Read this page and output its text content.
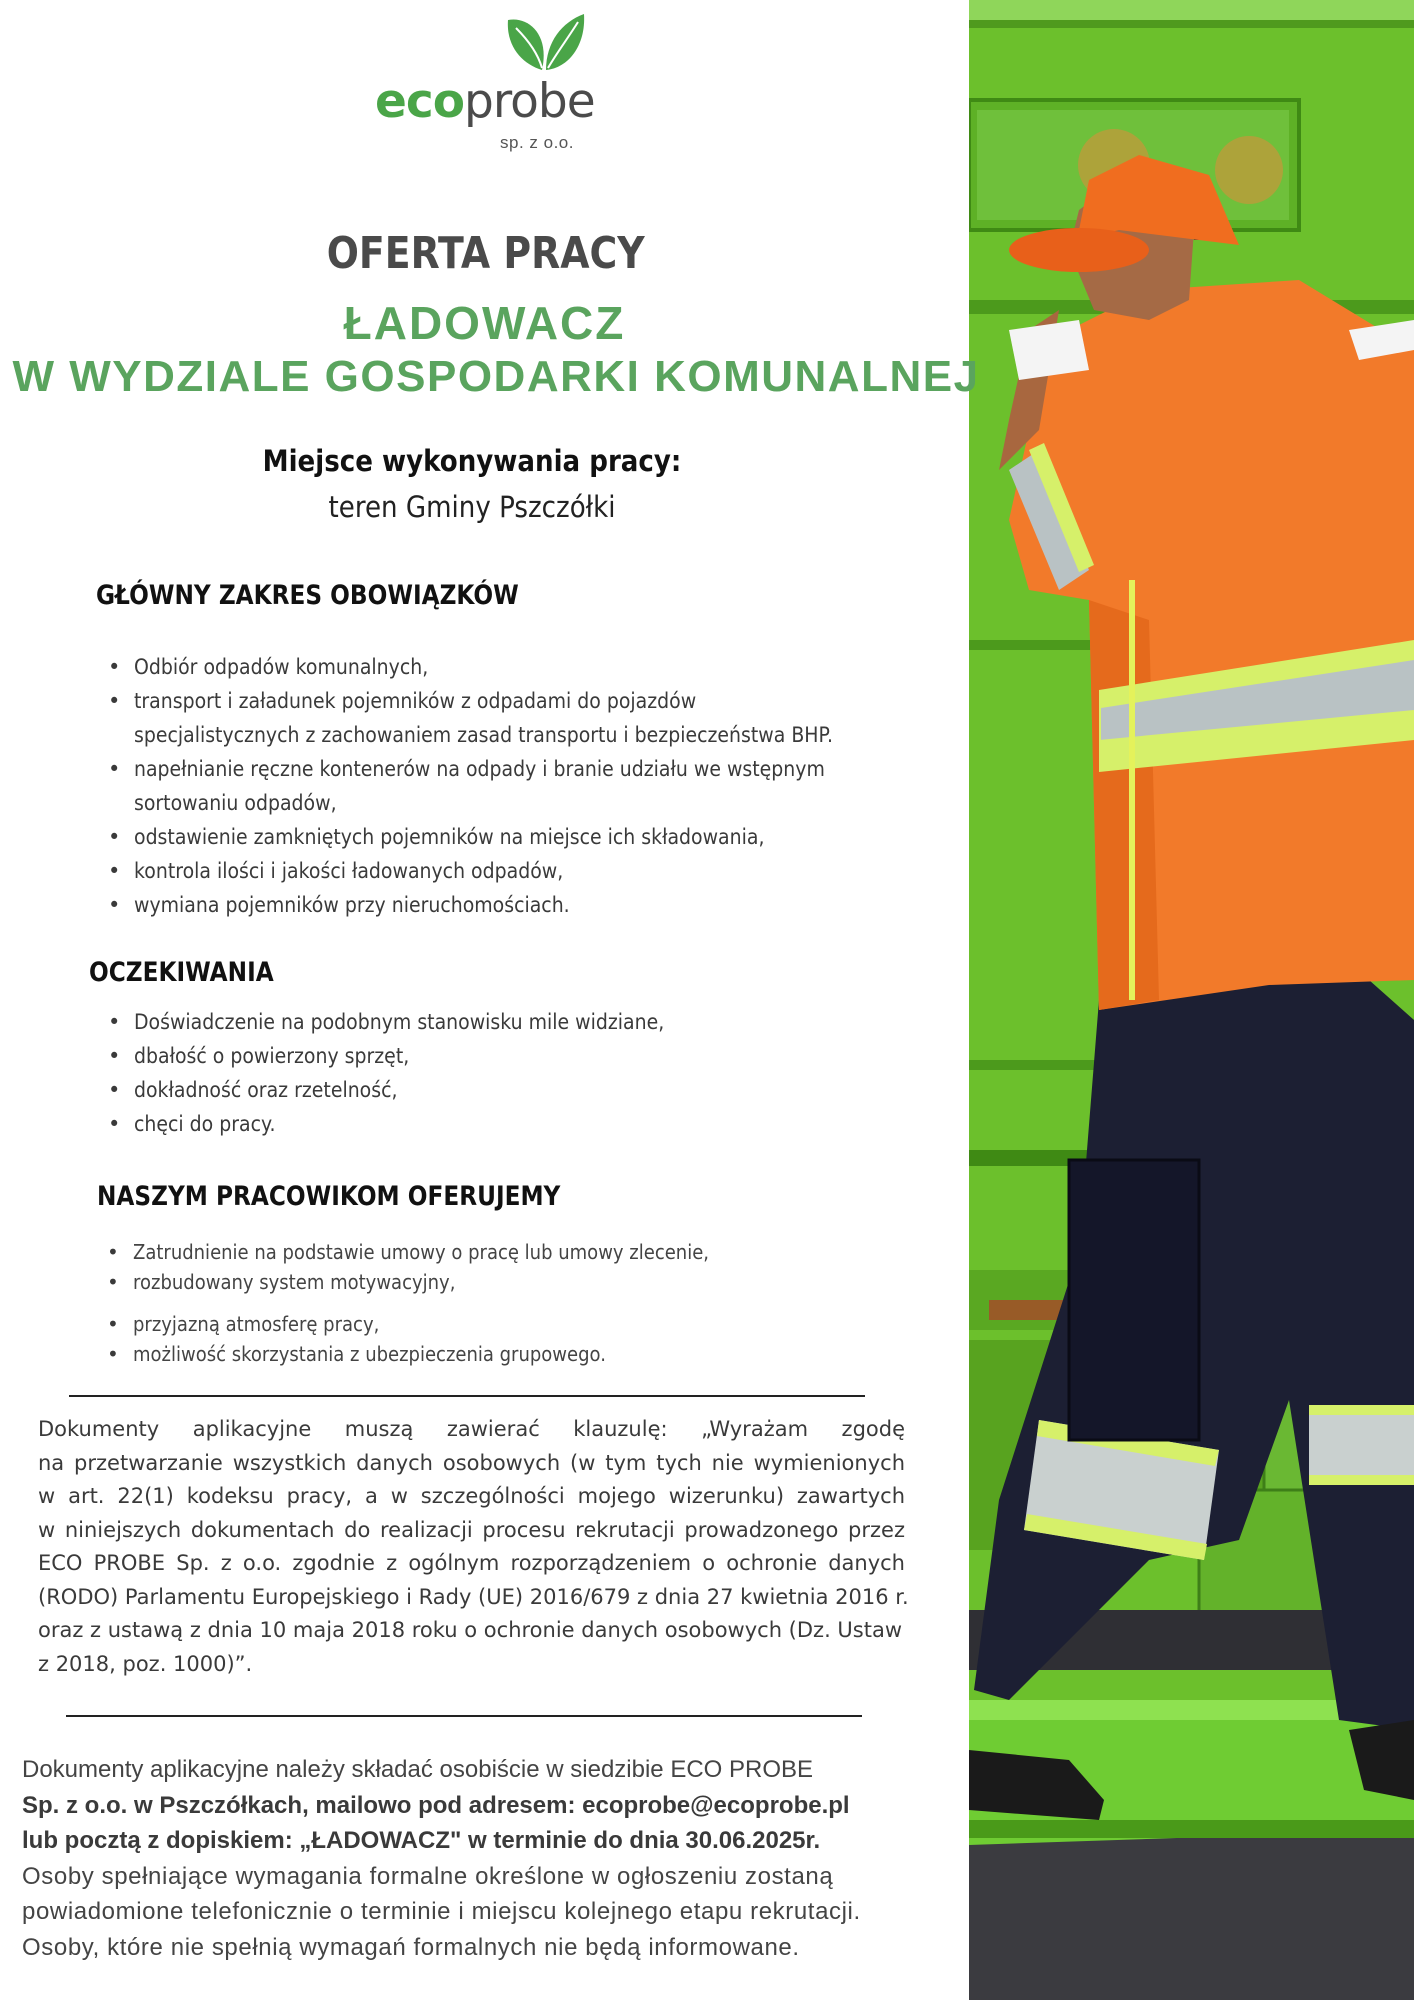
ecoprobe
sp. z o.o.
OFERTA PRACY
ŁADOWACZ
W WYDZIALE GOSPODARKI KOMUNALNEJ
Miejsce wykonywania pracy:
teren Gminy Pszczółki
GŁÓWNY ZAKRES OBOWIĄZKÓW
• Odbiór odpadów komunalnych,
• transport i załadunek pojemników z odpadami do pojazdów
specjalistycznych z zachowaniem zasad transportu i bezpieczeństwa BHP.
• napełnianie ręczne kontenerów na odpady i branie udziału we wstępnym
sortowaniu odpadów,
• odstawienie zamkniętych pojemników na miejsce ich składowania,
• kontrola ilości i jakości ładowanych odpadów,
• wymiana pojemników przy nieruchomościach.
OCZEKIWANIA
• Doświadczenie na podobnym stanowisku mile widziane,
• dbałość o powierzony sprzęt,
• dokładność oraz rzetelność,
• chęci do pracy.
NASZYM PRACOWIKOM OFERUJEMY
• Zatrudnienie na podstawie umowy o pracę lub umowy zlecenie,
• rozbudowany system motywacyjny,
• przyjazną atmosferę pracy,
• możliwość skorzystania z ubezpieczenia grupowego.
Dokumenty aplikacyjne muszą zawierać klauzulę: „Wyrażam zgodę
na przetwarzanie wszystkich danych osobowych (w tym tych nie wymienionych
w art. 22(1) kodeksu pracy, a w szczególności mojego wizerunku) zawartych
w niniejszych dokumentach do realizacji procesu rekrutacji prowadzonego przez
ECO PROBE Sp. z o.o. zgodnie z ogólnym rozporządzeniem o ochronie danych
(RODO) Parlamentu Europejskiego i Rady (UE) 2016/679 z dnia 27 kwietnia 2016 r.
oraz z ustawą z dnia 10 maja 2018 roku o ochronie danych osobowych (Dz. Ustaw
z 2018, poz. 1000)”.
Dokumenty aplikacyjne należy składać osobiście w siedzibie ECO PROBE
Sp. z o.o. w Pszczółkach, mailowo pod adresem: ecoprobe@ecoprobe.pl
lub pocztą z dopiskiem: „ŁADOWACZ" w terminie do dnia 30.06.2025r.
Osoby spełniające wymagania formalne określone w ogłoszeniu zostaną
powiadomione telefonicznie o terminie i miejscu kolejnego etapu rekrutacji.
Osoby, które nie spełnią wymagań formalnych nie będą informowane.
